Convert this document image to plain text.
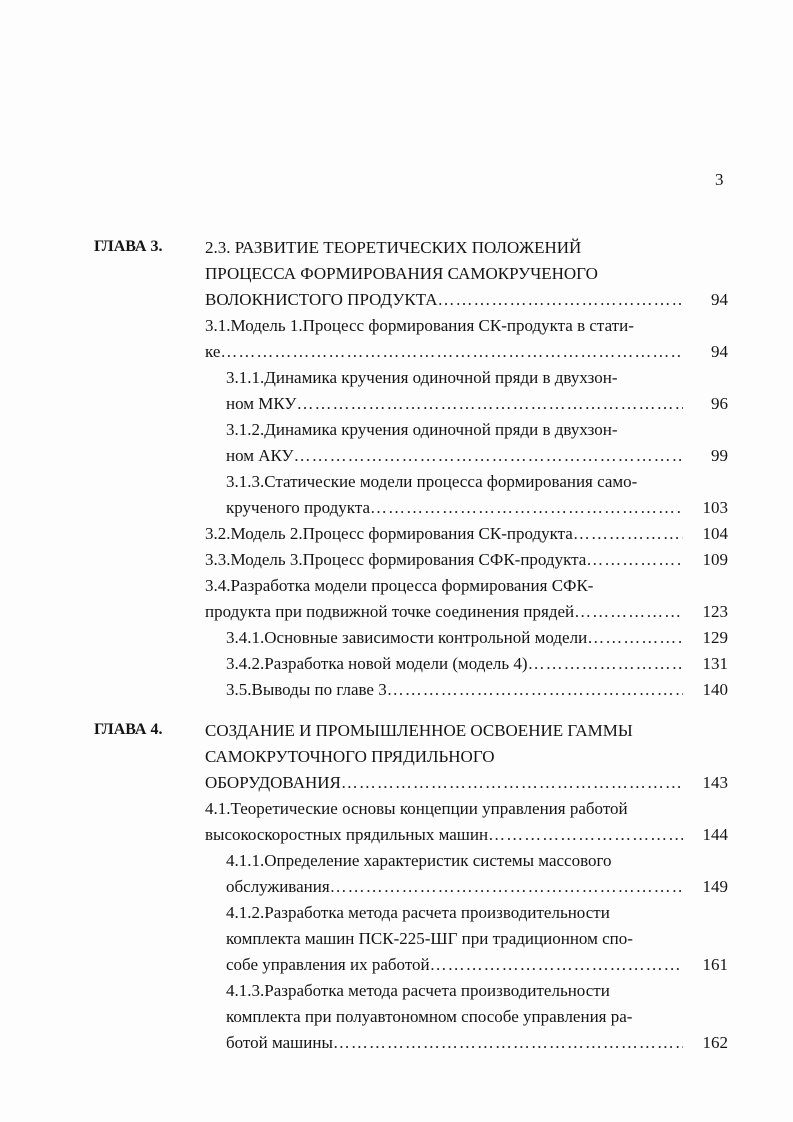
3
ГЛАВА 3.	2.3. РАЗВИТИЕ ТЕОРЕТИЧЕСКИХ ПОЛОЖЕНИЙ
ПРОЦЕССА ФОРМИРОВАНИЯ САМОКРУЧЕНОГО
ВОЛОКНИСТОГО ПРОДУКТА …………………………………………………………………………………………………………………	94
3.1.Модель 1.Процесс формирования СК-продукта в стати-
ке …………………………………………………………………………………………………………………	94
3.1.1.Динамика кручения одиночной пряди в двухзон-
ном МКУ …………………………………………………………………………………………………………………	96
3.1.2.Динамика кручения одиночной пряди в двухзон-
ном АКУ …………………………………………………………………………………………………………………	99
3.1.3.Статические модели процесса формирования само-
крученого продукта …………………………………………………………………………………………………………………	103
3.2.Модель 2.Процесс формирования СК-продукта …………………………………………………………………………………………………………………	104
3.3.Модель 3.Процесс формирования СФК-продукта …………………………………………………………………………………………………………………	109
3.4.Разработка модели процесса формирования СФК-
продукта при подвижной точке соединения прядей …………………………………………………………………………………………………………………	123
3.4.1.Основные зависимости контрольной модели …………………………………………………………………………………………………………………	129
3.4.2.Разработка новой модели (модель 4) …………………………………………………………………………………………………………………	131
3.5.Выводы по главе 3 …………………………………………………………………………………………………………………	140
ГЛАВА 4.	СОЗДАНИЕ И ПРОМЫШЛЕННОЕ ОСВОЕНИЕ ГАММЫ
САМОКРУТОЧНОГО ПРЯДИЛЬНОГО
ОБОРУДОВАНИЯ …………………………………………………………………………………………………………………	143
4.1.Теоретические основы концепции управления работой
высокоскоростных прядильных машин …………………………………………………………………………………………………………………	144
4.1.1.Определение характеристик системы массового
обслуживания …………………………………………………………………………………………………………………	149
4.1.2.Разработка метода расчета производительности
комплекта машин ПСК-225-ШГ при традиционном спо-
собе управления их работой …………………………………………………………………………………………………………………	161
4.1.3.Разработка метода расчета производительности
комплекта при полуавтономном способе управления ра-
ботой машины …………………………………………………………………………………………………………………	162
